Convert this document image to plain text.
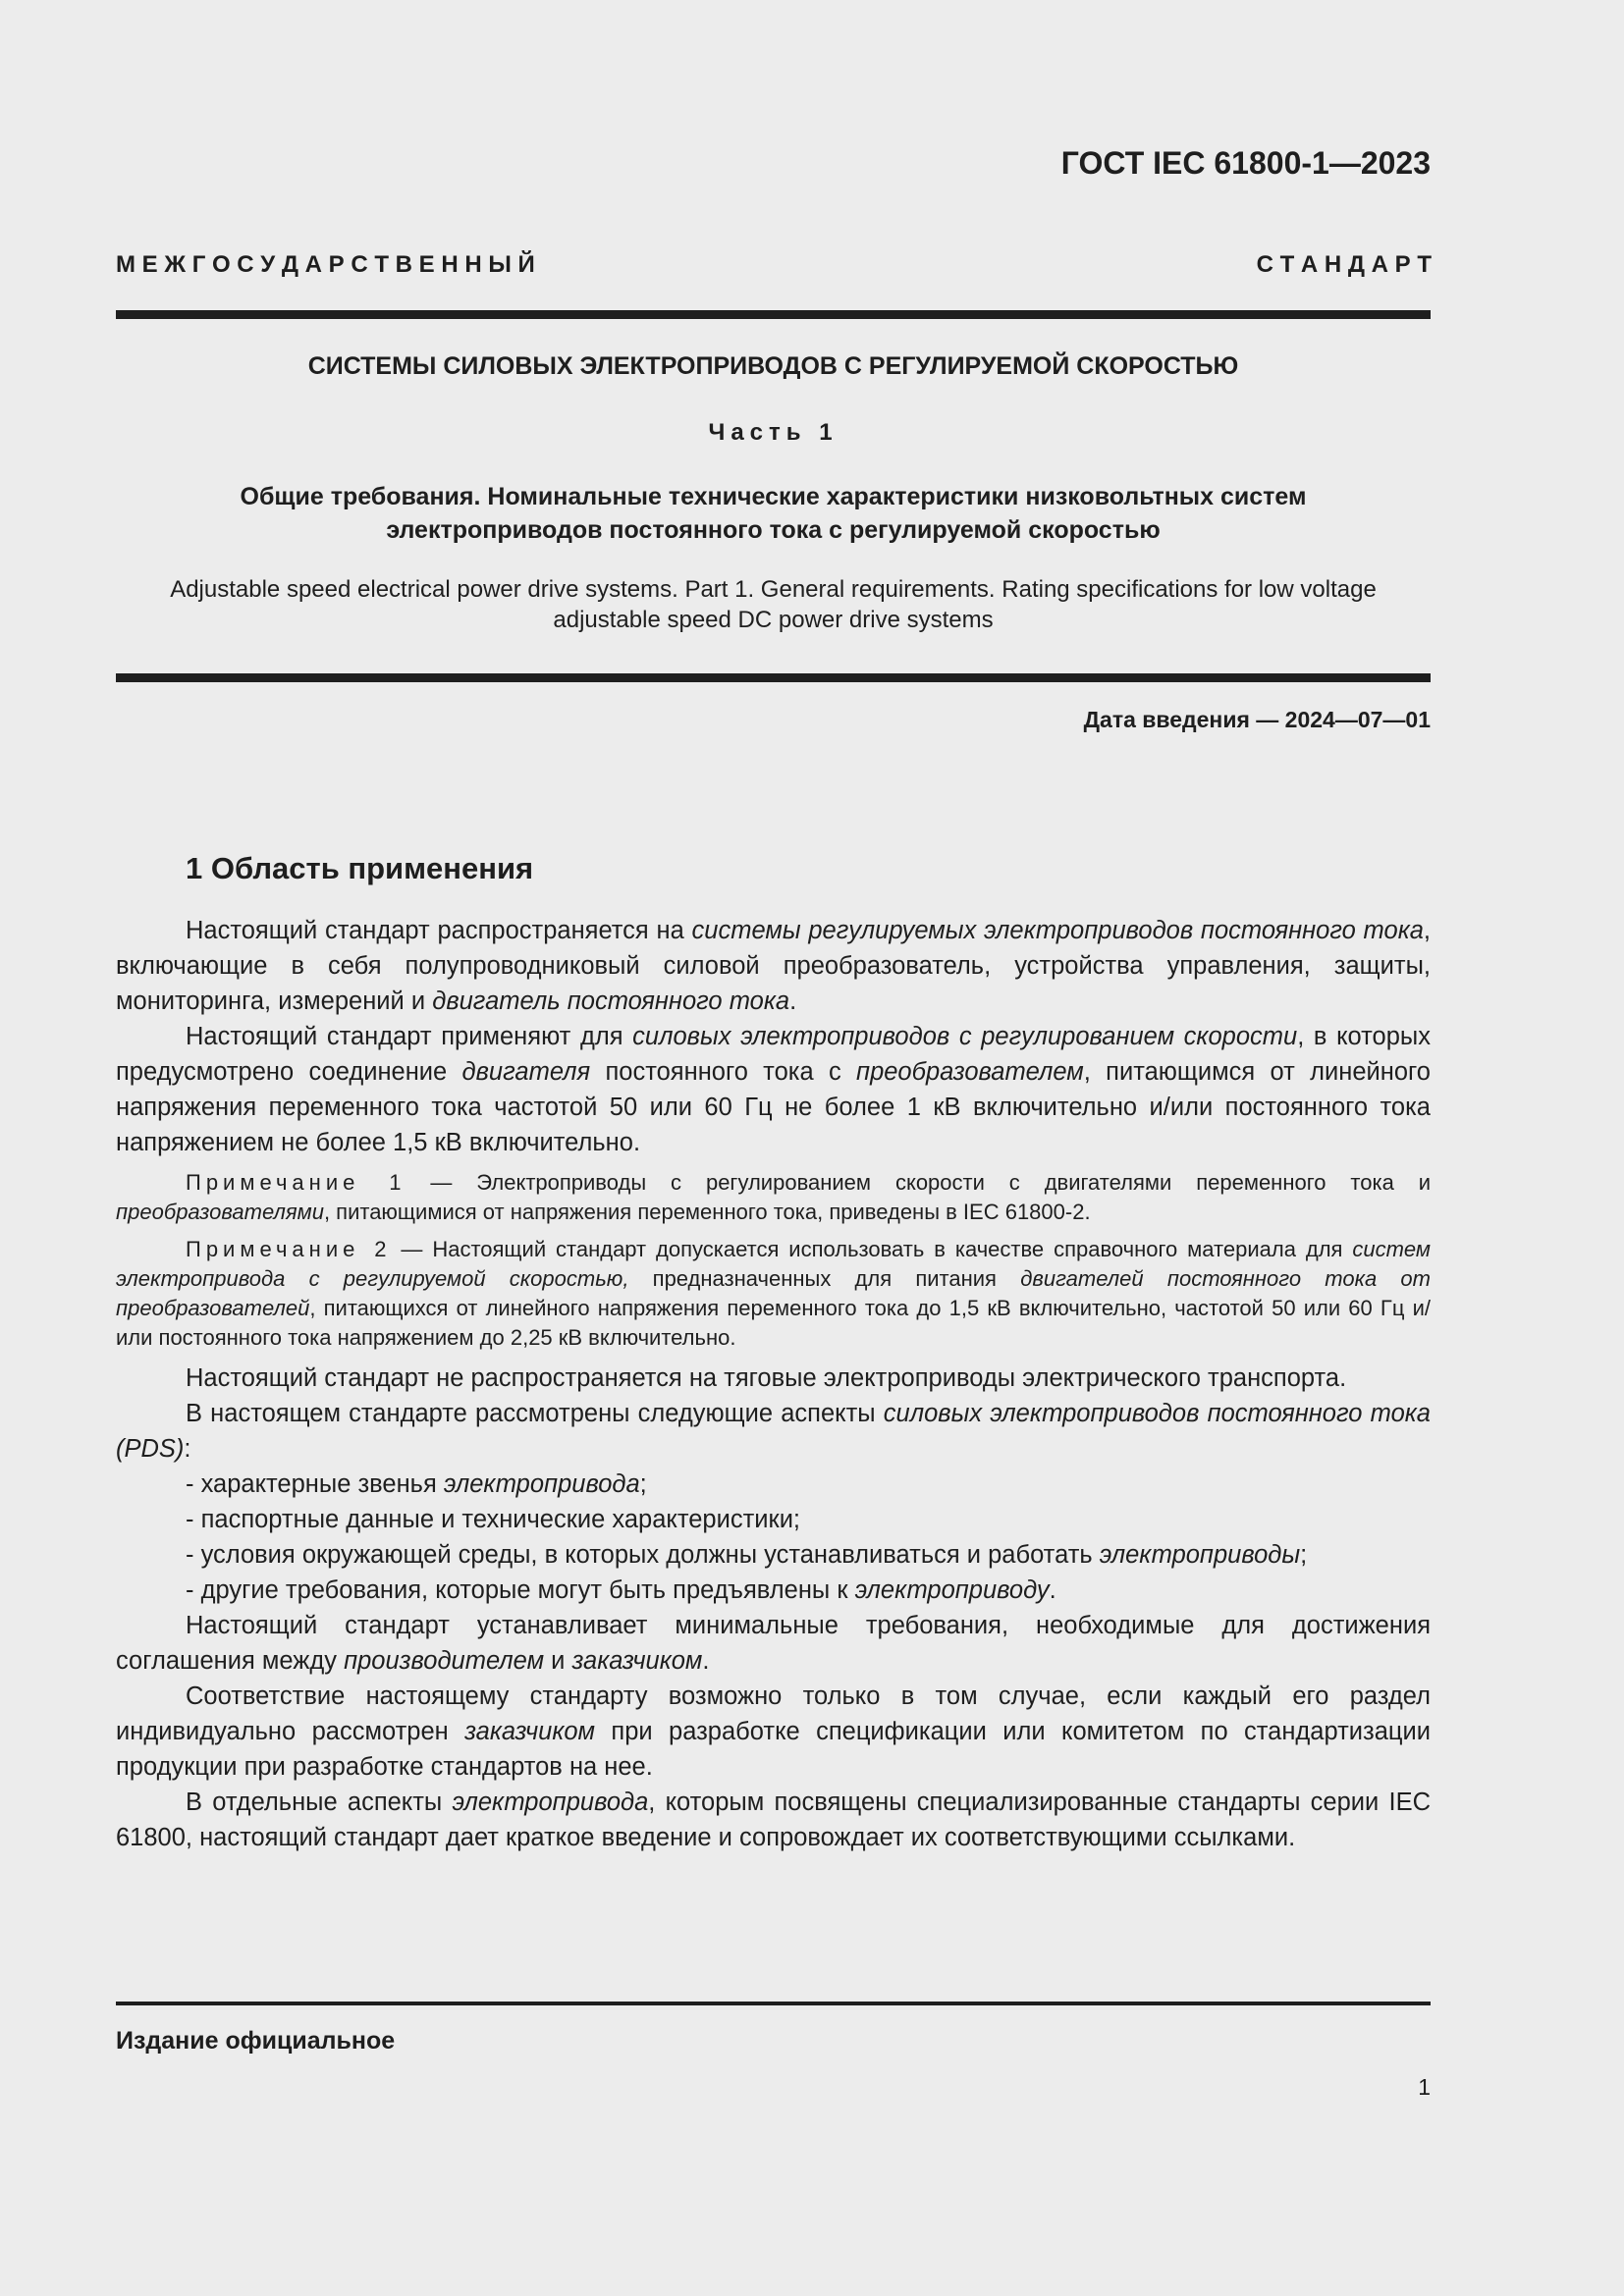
ГОСТ IEC 61800-1—2023
М Е Ж Г О С У Д А Р С Т В Е Н Н Ы Й	С Т А Н Д А Р Т
СИСТЕМЫ СИЛОВЫХ ЭЛЕКТРОПРИВОДОВ С РЕГУЛИРУЕМОЙ СКОРОСТЬЮ
Часть 1
Общие требования. Номинальные технические характеристики низковольтных систем
электроприводов постоянного тока с регулируемой скоростью
Adjustable speed electrical power drive systems. Part 1. General requirements. Rating specifications for low voltage
adjustable speed DC power drive systems
Дата введения — 2024—07—01
1 Область применения

Настоящий стандарт распространяется на системы регулируемых электроприводов постоянного тока, включающие в себя полупроводниковый силовой преобразователь, устройства управления, защиты, мониторинга, измерений и двигатель постоянного тока.

Настоящий стандарт применяют для силовых электроприводов с регулированием скорости, в которых предусмотрено соединение двигателя постоянного тока с преобразователем, питающимся от линейного напряжения переменного тока частотой 50 или 60 Гц не более 1 кВ включительно и/или постоянного тока напряжением не более 1,5 кВ включительно.

Примечание 1 — Электроприводы с регулированием скорости с двигателями переменного тока и преобразователями, питающимися от напряжения переменного тока, приведены в IEC 61800-2.

Примечание 2 — Настоящий стандарт допускается использовать в качестве справочного материала для систем электропривода с регулируемой скоростью, предназначенных для питания двигателей постоянного тока от преобразователей, питающихся от линейного напряжения переменного тока до 1,5 кВ включительно, частотой 50 или 60 Гц и/или постоянного тока напряжением до 2,25 кВ включительно.

Настоящий стандарт не распространяется на тяговые электроприводы электрического транспорта.

В настоящем стандарте рассмотрены следующие аспекты силовых электроприводов постоянного тока (PDS):

- характерные звенья электропривода;

- паспортные данные и технические характеристики;

- условия окружающей среды, в которых должны устанавливаться и работать электроприводы;

- другие требования, которые могут быть предъявлены к электроприводу.

Настоящий стандарт устанавливает минимальные требования, необходимые для достижения соглашения между производителем и заказчиком.

Соответствие настоящему стандарту возможно только в том случае, если каждый его раздел индивидуально рассмотрен заказчиком при разработке спецификации или комитетом по стандартизации продукции при разработке стандартов на нее.

В отдельные аспекты электропривода, которым посвящены специализированные стандарты серии IEC 61800, настоящий стандарт дает краткое введение и сопровождает их соответствующими ссылками.

Издание официальное
1
